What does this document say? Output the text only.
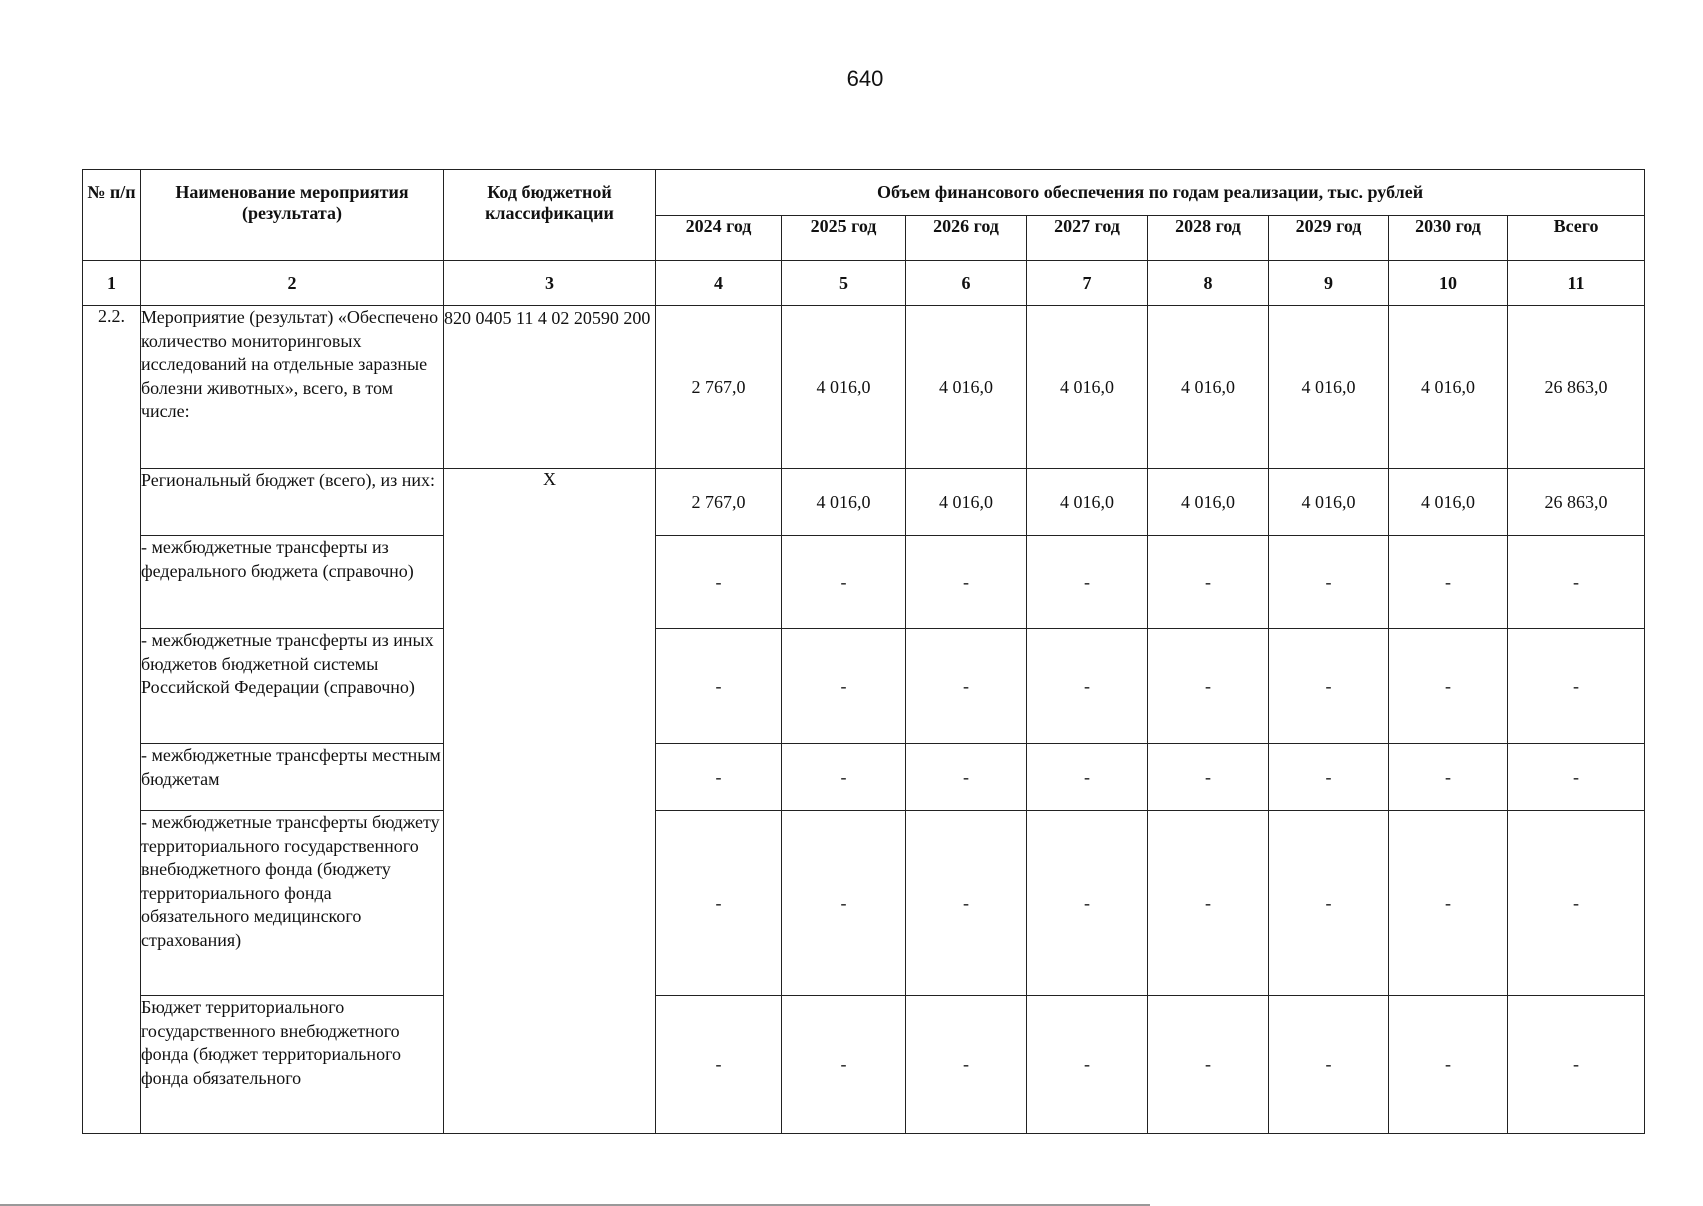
640
№ п/п	Наименование мероприятия (результата)	Код бюджетной классификации	Объем финансового обеспечения по годам реализации, тыс. рублей							
			2024 год	2025 год	2026 год	2027 год	2028 год	2029 год	2030 год	Всего
1	2	3	4	5	6	7	8	9	10	11
2.2.	Мероприятие (результат) «Обеспечено количество мониторинговых исследований на отдельные заразные болезни животных», всего, в том числе:	820 0405 11 4 02 20590 200	2 767,0	4 016,0	4 016,0	4 016,0	4 016,0	4 016,0	4 016,0	26 863,0
	Региональный бюджет (всего), из них:	X	2 767,0	4 016,0	4 016,0	4 016,0	4 016,0	4 016,0	4 016,0	26 863,0
	- межбюджетные трансферты из федерального бюджета (справочно)		-	-	-	-	-	-	-	-
	- межбюджетные трансферты из иных бюджетов бюджетной системы Российской Федерации (справочно)		-	-	-	-	-	-	-	-
	- межбюджетные трансферты местным бюджетам		-	-	-	-	-	-	-	-
	- межбюджетные трансферты бюджету территориального государственного внебюджетного фонда (бюджету территориального фонда обязательного медицинского страхования)		-	-	-	-	-	-	-	-
	Бюджет территориального государственного внебюджетного фонда (бюджет территориального фонда обязательного		-	-	-	-	-	-	-	-
